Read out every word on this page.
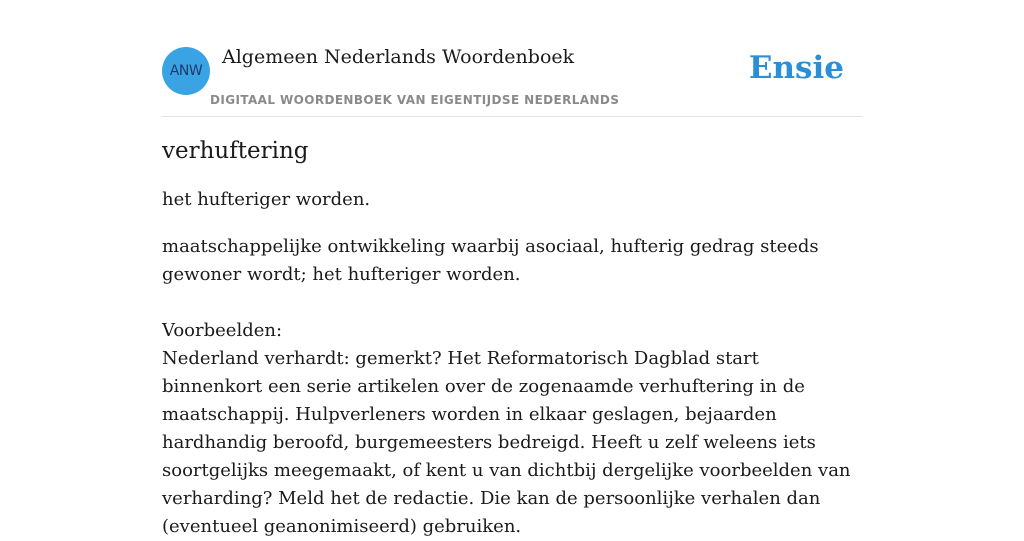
ANW
Algemeen Nederlands Woordenboek
DIGITAAL WOORDENBOEK VAN EIGENTIJDSE NEDERLANDS
Ensie
verhuftering

het hufteriger worden.

maatschappelijke ontwikkeling waarbij asociaal, hufterig gedrag steeds gewoner wordt; het hufteriger worden.

Voorbeelden:

Nederland verhardt: gemerkt? Het Reformatorisch Dagblad start binnenkort een serie artikelen over de zogenaamde verhuftering in de maatschappij. Hulpverleners worden in elkaar geslagen, bejaarden hardhandig beroofd, burgemeesters bedreigd. Heeft u zelf weleens iets soortgelijks meegemaakt, of kent u van dichtbij dergelijke voorbeelden van verharding? Meld het de redactie. Die kan de persoonlijke verhalen dan (eventueel geanonimiseerd) gebruiken.
